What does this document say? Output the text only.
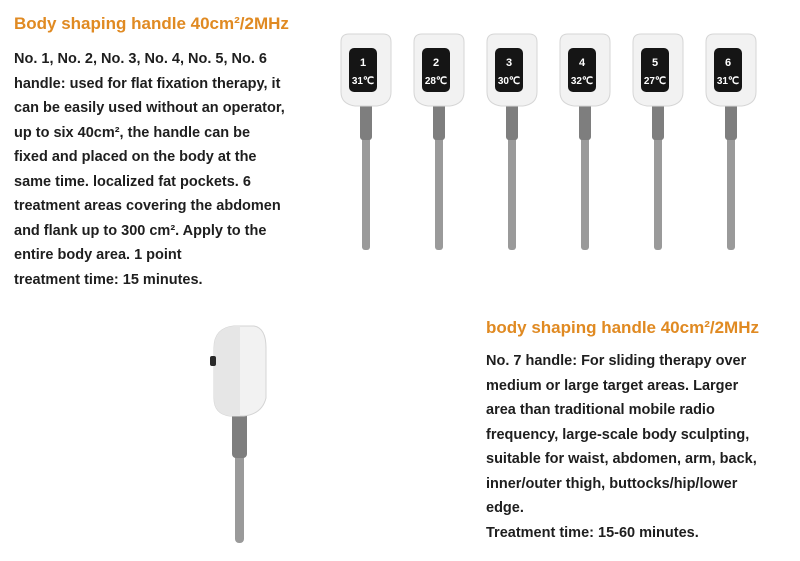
Body shaping handle 40cm²/2MHz
No. 1, No. 2, No. 3, No. 4, No. 5, No. 6
handle: used for flat fixation therapy, it
can be easily used without an operator,
up to six 40cm², the handle can be
fixed and placed on the body at the
same time. localized fat pockets. 6
treatment areas covering the abdomen
and flank up to 300 cm². Apply to the
entire body area. 1 point
treatment time: 15 minutes.
1
31℃
2
28℃
3
30℃
4
32℃
5
27℃
6
31℃
body shaping handle 40cm²/2MHz
No. 7 handle: For sliding therapy over
medium or large target areas. Larger
area than traditional mobile radio
frequency, large-scale body sculpting,
suitable for waist, abdomen, arm, back,
inner/outer thigh, buttocks/hip/lower
edge.
Treatment time: 15-60 minutes.
